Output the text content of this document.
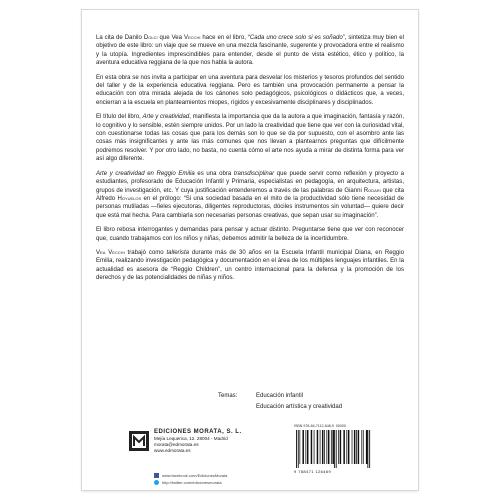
La cita de Danilo Dolci que Vea Vecchi hace en el libro, “Cada uno crece solo si es soñado”, sintetiza muy bien el objetivo de este libro: un viaje que se mueve en una mezcla fascinante, sugerente y provocadora entre el realismo y la utopía. Ingredientes imprescindibles para entender, desde el punto de vista estético, ético y político, la aventura educativa reggiana de la que nos habla la autora.

En esta obra se nos invita a participar en una aventura para desvelar los misterios y tesoros profundos del sentido del taller y de la experiencia educativa reggiana. Pero es también una provocación permanente a pensar la educación con otra mirada alejada de los cánones solo pedagógicos, psicológicos o didácticos que, a veces, encierran a la escuela en planteamientos miopes, rígidos y excesivamente disciplinares y disciplinados.

El título del libro, Arte y creatividad, manifiesta la importancia que da la autora a que imaginación, fantasía y razón, lo cognitivo y lo sensible, estén siempre unidos. Por un lado la creatividad que tiene que ver con la curiosidad vital, con cuestionarse todas las cosas que para los demás son lo que se da por supuesto, con el asombro ante las cosas más insignificantes y ante las más comunes que nos llevan a plantearnos preguntas que difícilmente podremos resolver. Y por otro lado, no basta, no cuenta cómo el arte nos ayuda a mirar de distinta forma para ver así algo diferente.

Arte y creatividad en Reggio Emilia es una obra transdisciplinar que puede servir como reflexión y proyecto a estudiantes, profesorado de Educación Infantil y Primaria, especialistas en pedagogía, en arquitectura, artistas, grupos de investigación, etc. Y cuya justificación entenderemos a través de las palabras de Gianni Rodari que cita Alfredo Hoyuelos en el prólogo: “Si una sociedad basada en el mito de la productividad sólo tiene necesidad de personas mutiladas —fieles ejecutoras, diligentes reproductoras, dóciles instrumentos sin voluntad— quiere decir que está mal hecha. Para cambiarla son necesarias personas creativas, que sepan usar su imaginación”.

El libro rebosa interrogantes y demandas para pensar y actuar distinto. Preguntarse tiene que ver con reconocer que, cuando trabajamos con los niños y niñas, debemos admitir la belleza de la incertidumbre.

Vea Vecchi trabajó como tallerista durante más de 30 años en la Escuela Infantil municipal Diana, en Reggio Emilia, realizando investigación pedagógica y documentación en el área de los múltiples lenguajes infantiles. En la actualidad es asesora de “Reggio Children”, un centro internacional para la defensa y la promoción de los derechos y de las potencialidades de niñas y niños.

Temas:	Educación infantil
Educación artística y creatividad
EDICIONES MORATA, S. L.
Mejía Lequerica, 12. 28004 - Madrid
morata@edmorata.es
www.edmorata.es
www.facebook.com/EdicionesMorata
http://twitter.com/edicionesmorata
ISBN 978-84-7112-646-9 00000
9 788471 126469
